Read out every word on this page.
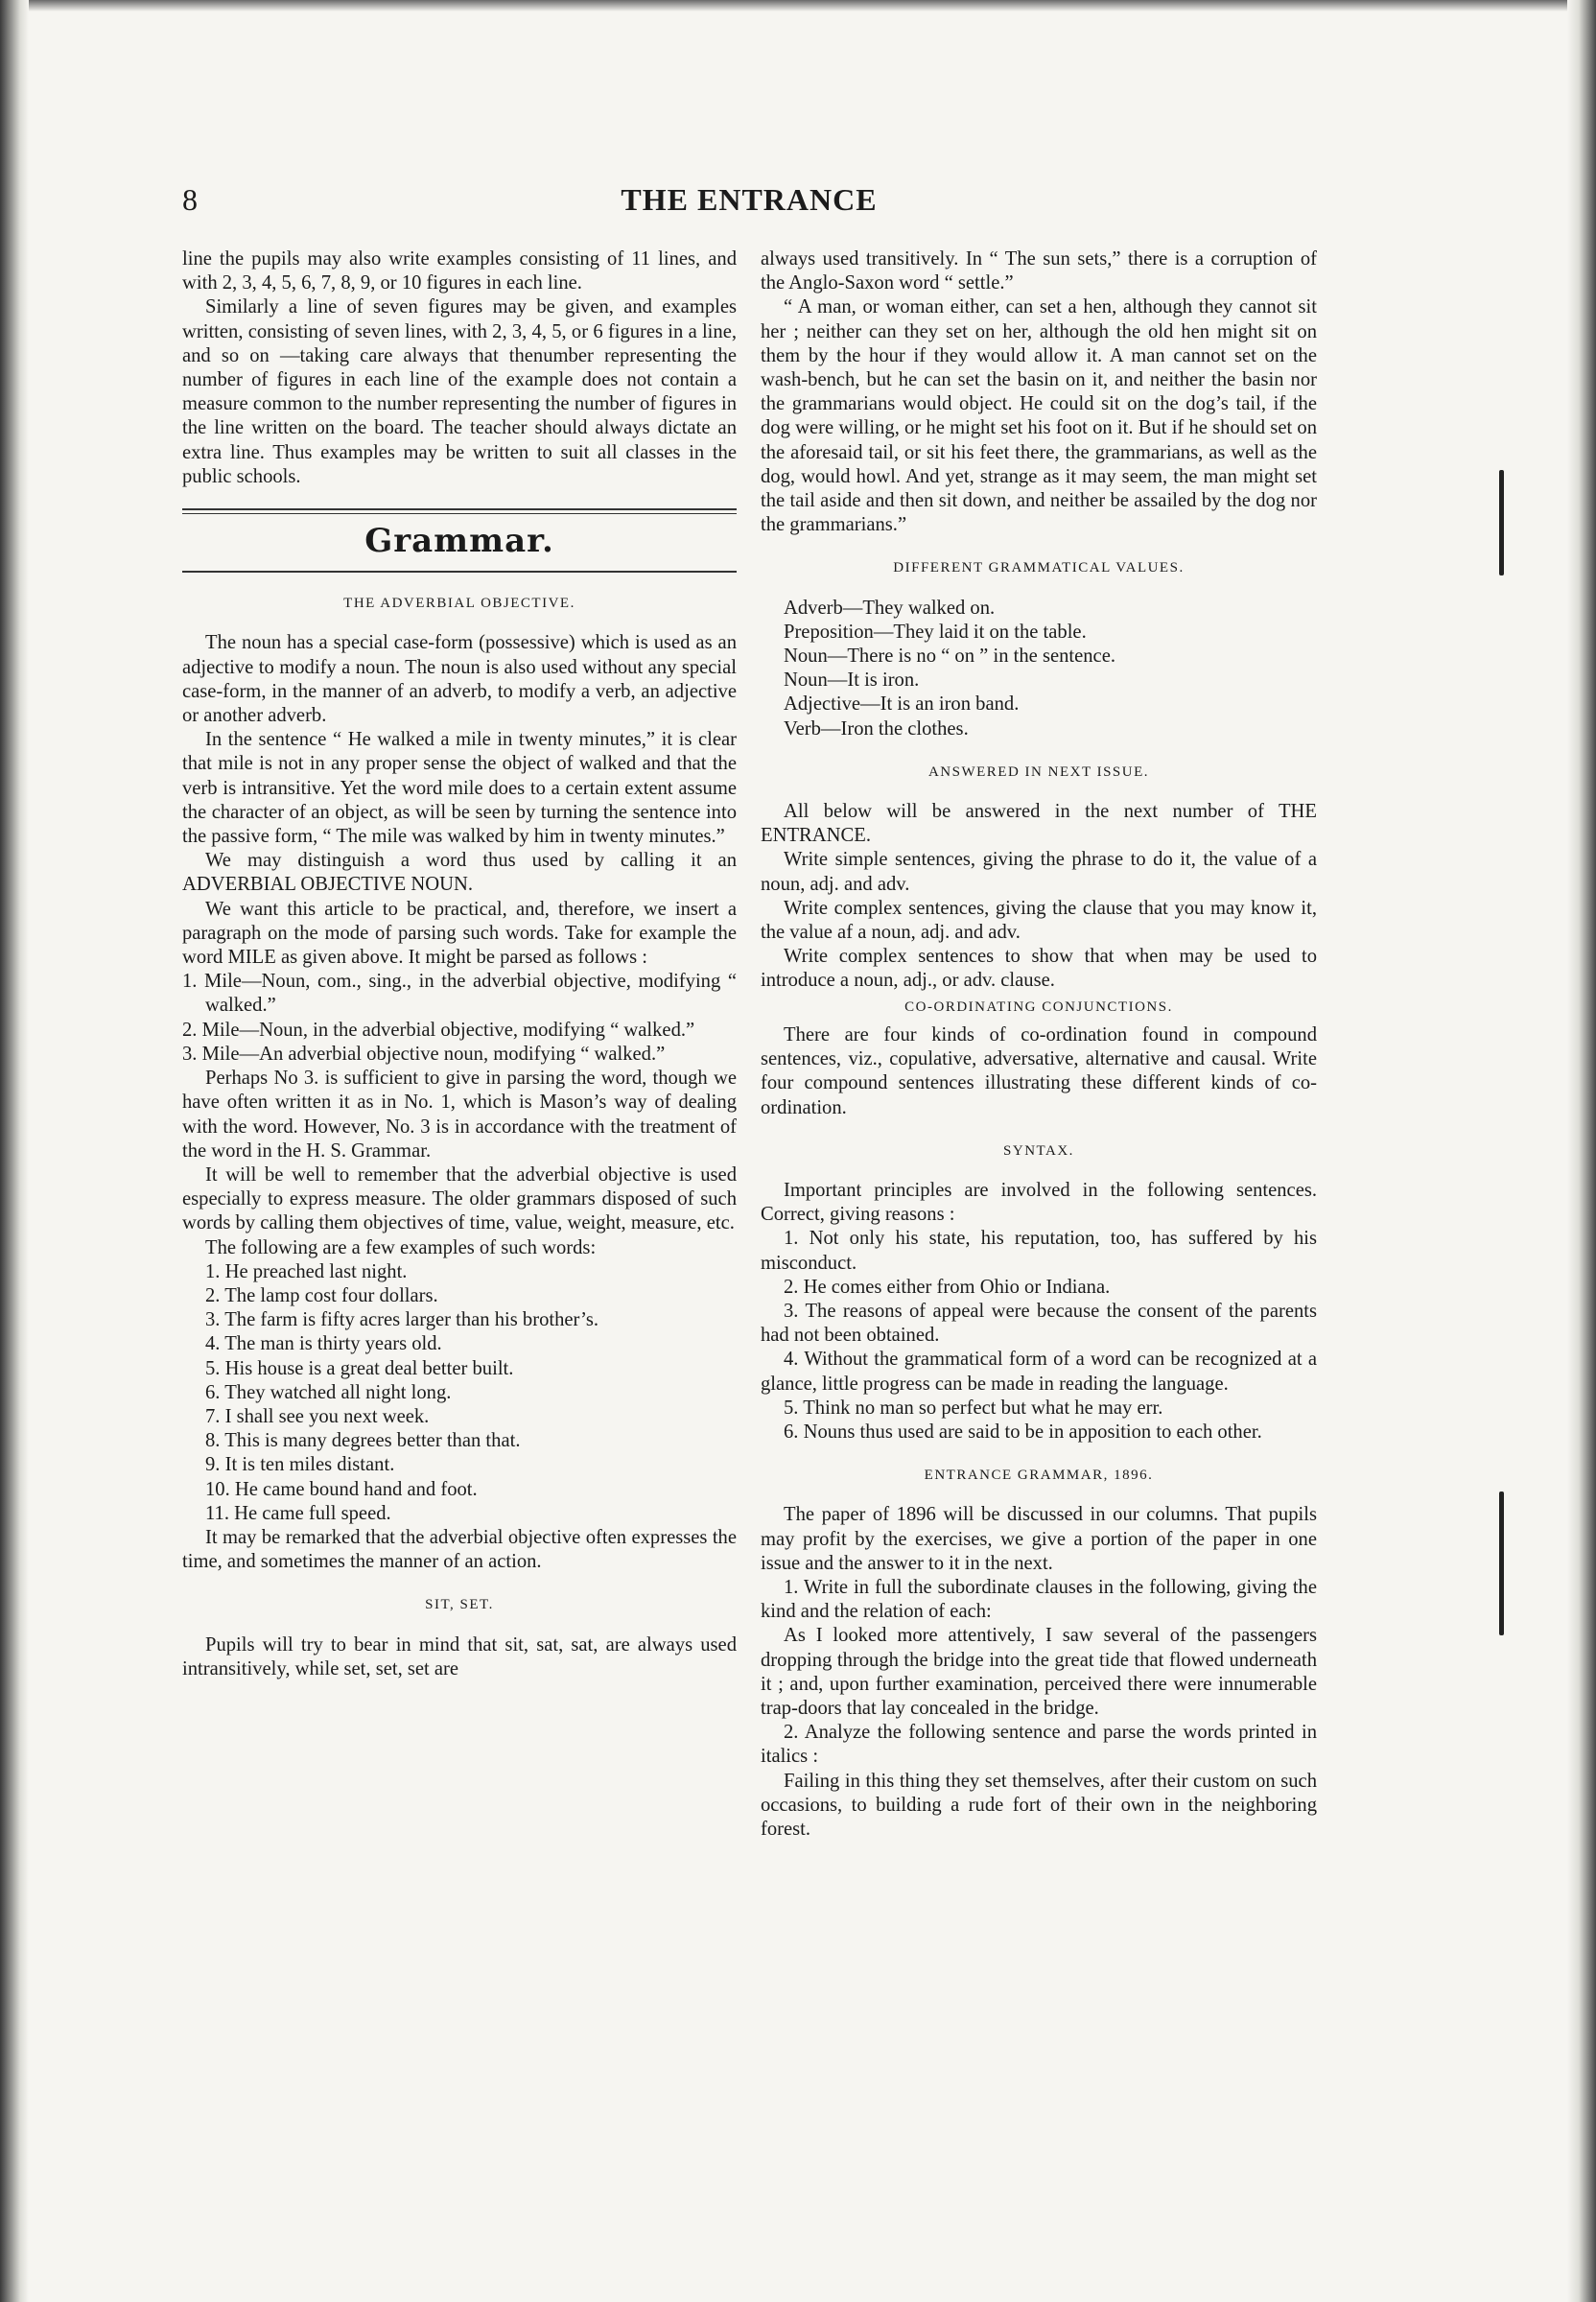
8	THE ENTRANCE

line the pupils may also write examples consisting of 11 lines, and with 2, 3, 4, 5, 6, 7, 8, 9, or 10 figures in each line.

Similarly a line of seven figures may be given, and examples written, consisting of seven lines, with 2, 3, 4, 5, or 6 figures in a line, and so on —taking care always that thenumber representing the number of figures in each line of the example does not contain a measure common to the number representing the number of figures in the line written on the board. The teacher should always dictate an extra line. Thus examples may be written to suit all classes in the public schools.

Grammar.
THE ADVERBIAL OBJECTIVE.

The noun has a special case-form (possessive) which is used as an adjective to modify a noun. The noun is also used without any special case-form, in the manner of an adverb, to modify a verb, an adjective or another adverb.

In the sentence “ He walked a mile in twenty minutes,” it is clear that mile is not in any proper sense the object of walked and that the verb is intransitive. Yet the word mile does to a certain extent assume the character of an object, as will be seen by turning the sentence into the passive form, “ The mile was walked by him in twenty minutes.”

We may distinguish a word thus used by calling it an ADVERBIAL OBJECTIVE NOUN.

We want this article to be practical, and, therefore, we insert a paragraph on the mode of parsing such words. Take for example the word MILE as given above. It might be parsed as follows :

1. Mile—Noun, com., sing., in the adverbial objective, modifying “ walked.”

2. Mile—Noun, in the adverbial objective, modifying “ walked.”

3. Mile—An adverbial objective noun, modifying “ walked.”

Perhaps No 3. is sufficient to give in parsing the word, though we have often written it as in No. 1, which is Mason’s way of dealing with the word. However, No. 3 is in accordance with the treatment of the word in the H. S. Grammar.

It will be well to remember that the adverbial objective is used especially to express measure. The older grammars disposed of such words by calling them objectives of time, value, weight, measure, etc.

The following are a few examples of such words:

1. He preached last night.

2. The lamp cost four dollars.

3. The farm is fifty acres larger than his brother’s.

4. The man is thirty years old.

5. His house is a great deal better built.

6. They watched all night long.

7. I shall see you next week.

8. This is many degrees better than that.

9. It is ten miles distant.

10. He came bound hand and foot.

11. He came full speed.

It may be remarked that the adverbial objective often expresses the time, and sometimes the manner of an action.

SIT, SET.

Pupils will try to bear in mind that sit, sat, sat, are always used intransitively, while set, set, set are

always used transitively. In “ The sun sets,” there is a corruption of the Anglo-Saxon word “ settle.”

“ A man, or woman either, can set a hen, although they cannot sit her ; neither can they set on her, although the old hen might sit on them by the hour if they would allow it. A man cannot set on the wash-bench, but he can set the basin on it, and neither the basin nor the grammarians would object. He could sit on the dog’s tail, if the dog were willing, or he might set his foot on it. But if he should set on the aforesaid tail, or sit his feet there, the grammarians, as well as the dog, would howl. And yet, strange as it may seem, the man might set the tail aside and then sit down, and neither be assailed by the dog nor the grammarians.”

DIFFERENT GRAMMATICAL VALUES.

Adverb—They walked on.

Preposition—They laid it on the table.

Noun—There is no “ on ” in the sentence.

Noun—It is iron.

Adjective—It is an iron band.

Verb—Iron the clothes.

ANSWERED IN NEXT ISSUE.

All below will be answered in the next number of THE ENTRANCE.

Write simple sentences, giving the phrase to do it, the value of a noun, adj. and adv.

Write complex sentences, giving the clause that you may know it, the value af a noun, adj. and adv.

Write complex sentences to show that when may be used to introduce a noun, adj., or adv. clause.

CO-ORDINATING CONJUNCTIONS.

There are four kinds of co-ordination found in compound sentences, viz., copulative, adversative, alternative and causal. Write four compound sentences illustrating these different kinds of co-ordination.

SYNTAX.

Important principles are involved in the following sentences. Correct, giving reasons :

1. Not only his state, his reputation, too, has suffered by his misconduct.

2. He comes either from Ohio or Indiana.

3. The reasons of appeal were because the consent of the parents had not been obtained.

4. Without the grammatical form of a word can be recognized at a glance, little progress can be made in reading the language.

5. Think no man so perfect but what he may err.

6. Nouns thus used are said to be in apposition to each other.

ENTRANCE GRAMMAR, 1896.

The paper of 1896 will be discussed in our columns. That pupils may profit by the exercises, we give a portion of the paper in one issue and the answer to it in the next.

1. Write in full the subordinate clauses in the following, giving the kind and the relation of each:

As I looked more attentively, I saw several of the passengers dropping through the bridge into the great tide that flowed underneath it ; and, upon further examination, perceived there were innumerable trap-doors that lay concealed in the bridge.

2. Analyze the following sentence and parse the words printed in italics :

Failing in this thing they set themselves, after their custom on such occasions, to building a rude fort of their own in the neighboring forest.
